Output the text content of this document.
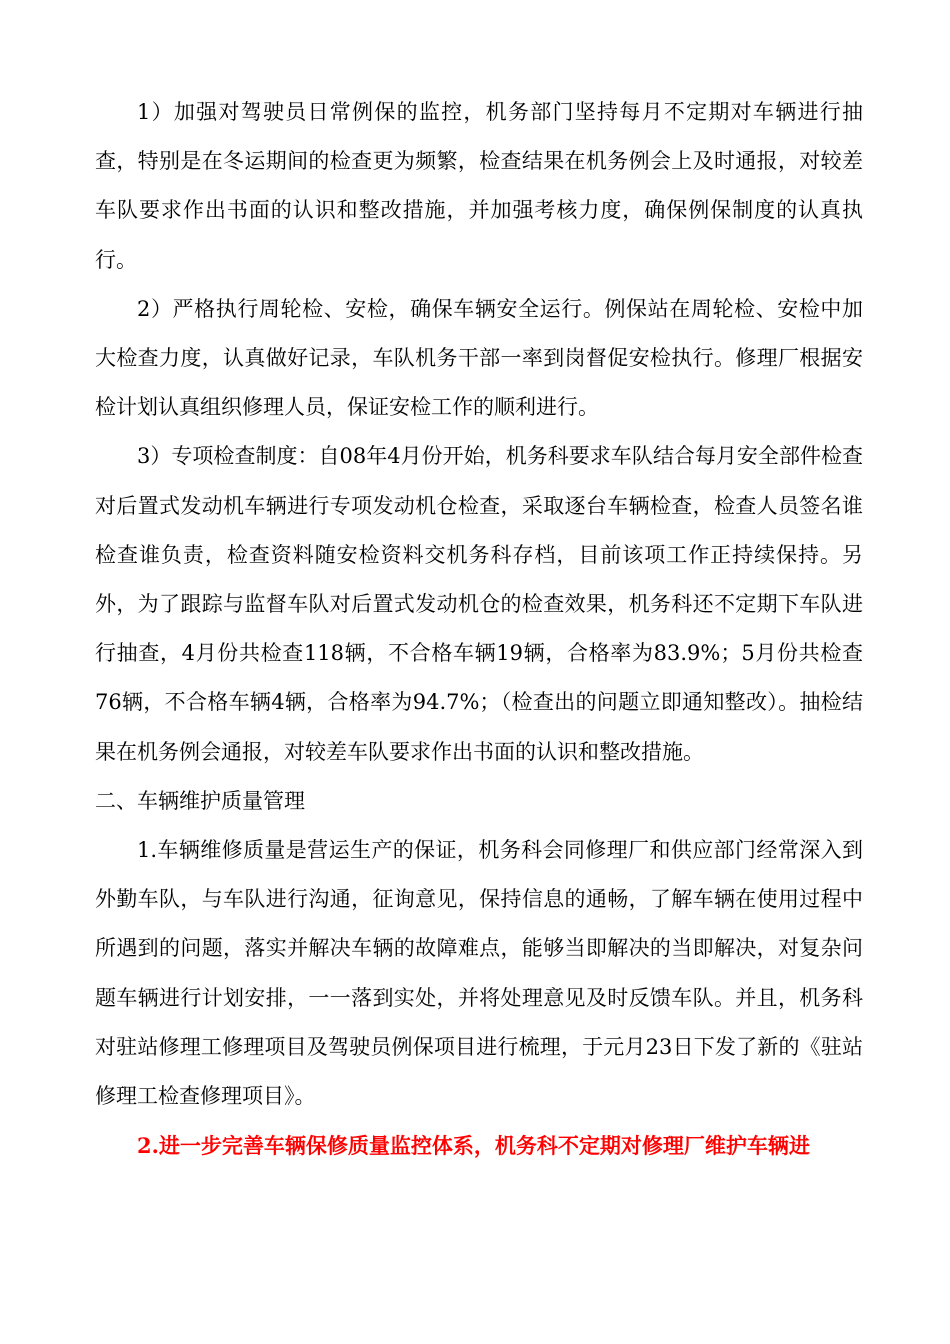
1）加强对驾驶员日常例保的监控，机务部门坚持每月不定期对车辆进行抽查，特别是在冬运期间的检查更为频繁，检查结果在机务例会上及时通报，对较差车队要求作出书面的认识和整改措施，并加强考核力度，确保例保制度的认真执行。

2）严格执行周轮检、安检，确保车辆安全运行。例保站在周轮检、安检中加大检查力度，认真做好记录，车队机务干部一率到岗督促安检执行。修理厂根据安检计划认真组织修理人员，保证安检工作的顺利进行。

3）专项检查制度：自08年4月份开始，机务科要求车队结合每月安全部件检查对后置式发动机车辆进行专项发动机仓检查，采取逐台车辆检查，检查人员签名谁检查谁负责，检查资料随安检资料交机务科存档，目前该项工作正持续保持。另外，为了跟踪与监督车队对后置式发动机仓的检查效果，机务科还不定期下车队进行抽查，4月份共检查118辆，不合格车辆19辆，合格率为83.9%；5月份共检查76辆，不合格车辆4辆，合格率为94.7%；（检查出的问题立即通知整改）。抽检结果在机务例会通报，对较差车队要求作出书面的认识和整改措施。

二、车辆维护质量管理

1.车辆维修质量是营运生产的保证，机务科会同修理厂和供应部门经常深入到外勤车队，与车队进行沟通，征询意见，保持信息的通畅，了解车辆在使用过程中所遇到的问题，落实并解决车辆的故障难点，能够当即解决的当即解决，对复杂问题车辆进行计划安排，一一落到实处，并将处理意见及时反馈车队。并且，机务科对驻站修理工修理项目及驾驶员例保项目进行梳理，于元月23日下发了新的《驻站修理工检查修理项目》。

2.进一步完善车辆保修质量监控体系，机务科不定期对修理厂维护车辆进
